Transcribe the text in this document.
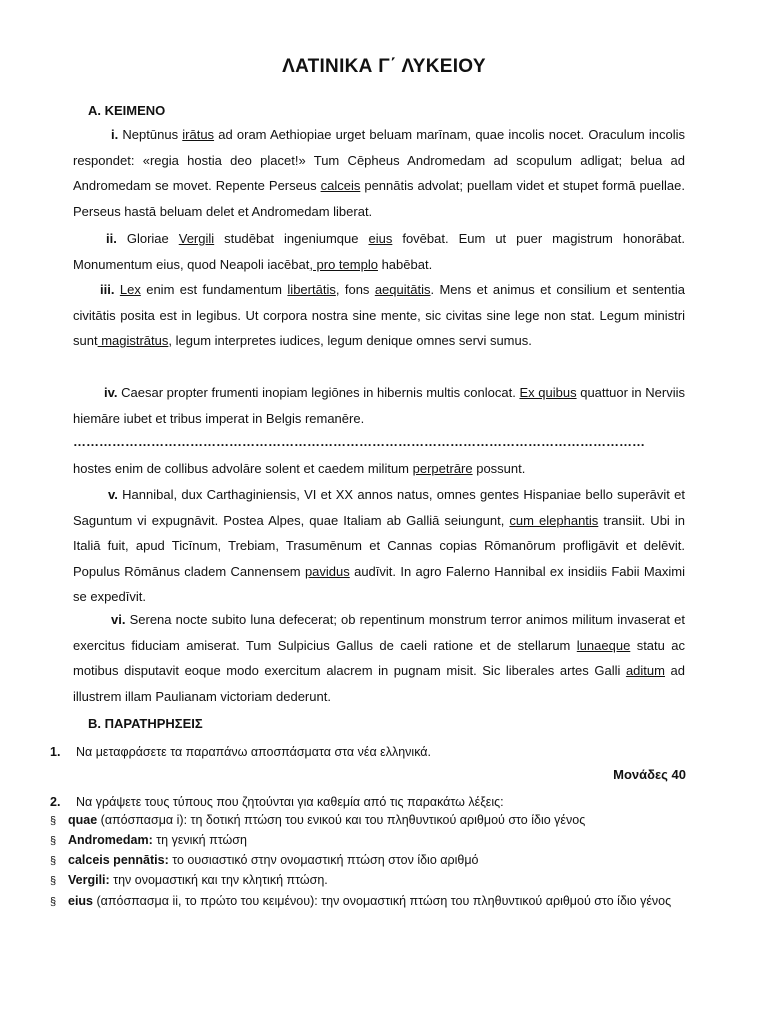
ΛΑΤΙΝΙΚΑ Γ΄ ΛΥΚΕΙΟΥ
Α. ΚΕΙΜΕΝΟ
i. Neptūnus irātus ad oram Aethiopiae urget beluam marīnam, quae incolis nocet. Oraculum incolis respondet: «regia hostia deo placet!» Tum Cēpheus Andromedam ad scopulum adligat; belua ad Andromedam se movet. Repente Perseus calceis pennātis advolat; puellam videt et stupet formā puellae. Perseus hastā beluam delet et Andromedam liberat.
ii. Gloriae Vergili studēbat ingeniumque eius fovēbat. Eum ut puer magistrum honorābat. Monumentum eius, quod Neapoli iacēbat, pro templo habēbat.
iii. Lex enim est fundamentum libertātis, fons aequitātis. Mens et animus et consilium et sententia civitātis posita est in legibus. Ut corpora nostra sine mente, sic civitas sine lege non stat. Legum ministri sunt magistrātus, legum interpretes iudices, legum denique omnes servi sumus.
iv. Caesar propter frumenti inopiam legiōnes in hibernis multis conlocat. Ex quibus quattuor in Nerviis hiemāre iubet et tribus imperat in Belgis remanēre.
……………………………………………………………………………………………………………………
hostes enim de collibus advolāre solent et caedem militum perpetrāre possunt.
v. Hannibal, dux Carthaginiensis, VI et XX annos natus, omnes gentes Hispaniae bello superāvit et Saguntum vi expugnāvit. Postea Alpes, quae Italiam ab Galliā seiungunt, cum elephantis transiit. Ubi in Italiā fuit, apud Ticīnum, Trebiam, Trasumēnum et Cannas copias Rōmanōrum profligāvit et delēvit. Populus Rōmānus cladem Cannensem pavidus audīvit. In agro Falerno Hannibal ex insidiis Fabii Maximi se expedīvit.
vi. Serena nocte subito luna defecerat; ob repentinum monstrum terror animos militum invaserat et exercitus fiduciam amiserat. Tum Sulpicius Gallus de caeli ratione et de stellarum lunaeque statu ac motibus disputavit eoque modo exercitum alacrem in pugnam misit. Sic liberales artes Galli aditum ad illustrem illam Paulianam victoriam dederunt.
Β. ΠΑΡΑΤΗΡΗΣΕΙΣ
1. Να μεταφράσετε τα παραπάνω αποσπάσματα στα νέα ελληνικά.
Μονάδες 40
2. Να γράψετε τους τύπους που ζητούνται για καθεμία από τις παρακάτω λέξεις:
§ quae (απόσπασμα i): τη δοτική πτώση του ενικού και του πληθυντικού αριθμού στο ίδιο γένος
§ Andromedam: τη γενική πτώση
§ calceis pennātis: το ουσιαστικό στην ονομαστική πτώση στον ίδιο αριθμό
§ Vergili: την ονομαστική και την κλητική πτώση.
§ eius (απόσπασμα ii, το πρώτο του κειμένου): την ονομαστική πτώση του πληθυντικού αριθμού στο ίδιο γένος
